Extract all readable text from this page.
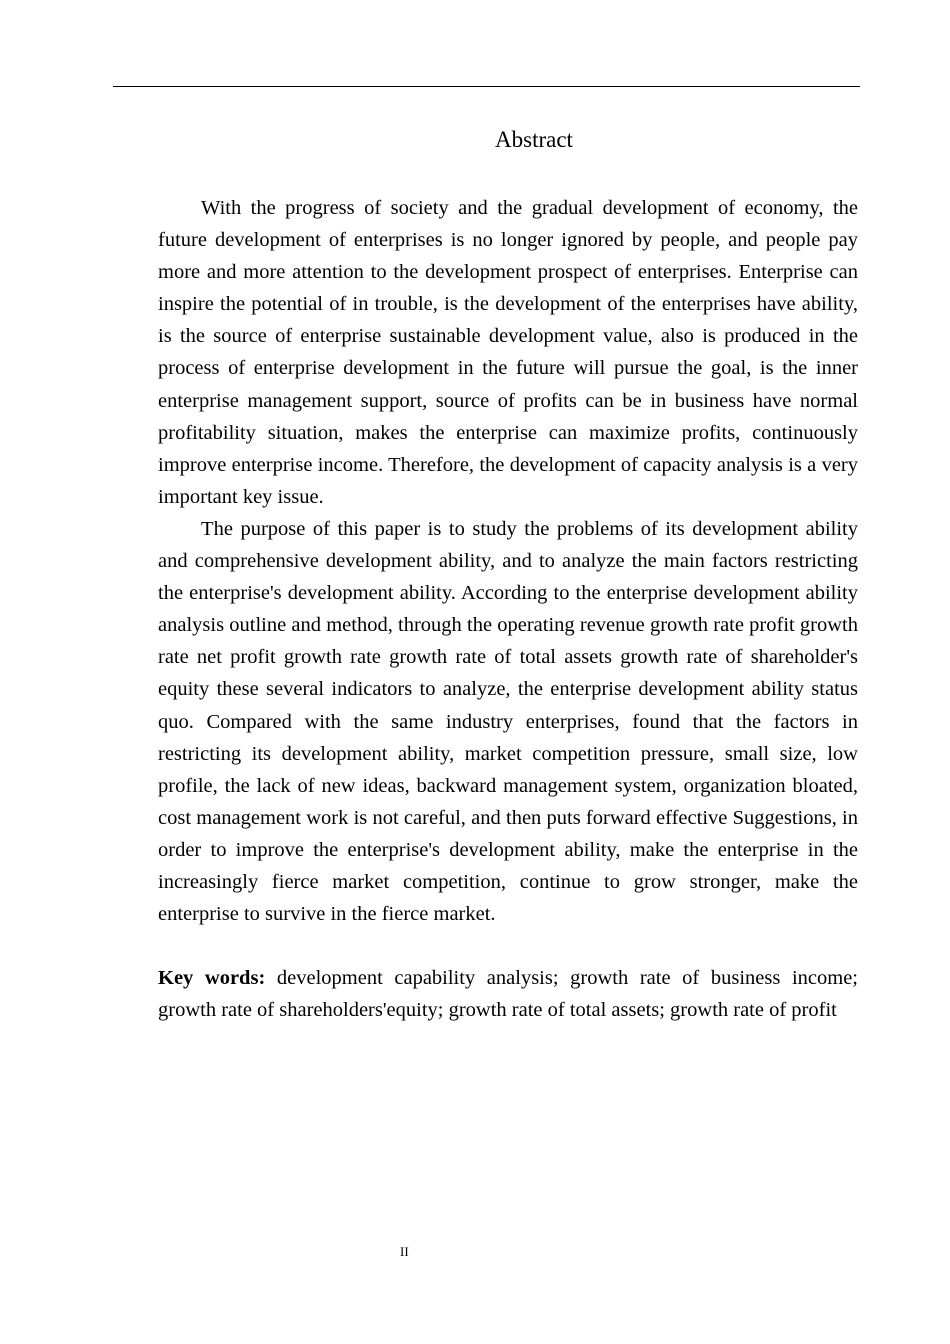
Abstract

With the progress of society and the gradual development of economy, the future development of enterprises is no longer ignored by people, and people pay more and more attention to the development prospect of enterprises. Enterprise can inspire the potential of in trouble, is the development of the enterprises have ability, is the source of enterprise sustainable development value, also is produced in the process of enterprise development in the future will pursue the goal, is the inner enterprise management support, source of profits can be in business have normal profitability situation, makes the enterprise can maximize profits, continuously improve enterprise income. Therefore, the development of capacity analysis is a very important key issue.

The purpose of this paper is to study the problems of its development ability and comprehensive development ability, and to analyze the main factors restricting the enterprise's development ability. According to the enterprise development ability analysis outline and method, through the operating revenue growth rate profit growth rate net profit growth rate growth rate of total assets growth rate of shareholder's equity these several indicators to analyze, the enterprise development ability status quo. Compared with the same industry enterprises, found that the factors in restricting its development ability, market competition pressure, small size, low profile, the lack of new ideas, backward management system, organization bloated, cost management work is not careful, and then puts forward effective Suggestions, in order to improve the enterprise's development ability, make the enterprise in the increasingly fierce market competition, continue to grow stronger, make the enterprise to survive in the fierce market.

Key words: development capability analysis; growth rate of business income; growth rate of shareholders'equity; growth rate of total assets; growth rate of profit

II
